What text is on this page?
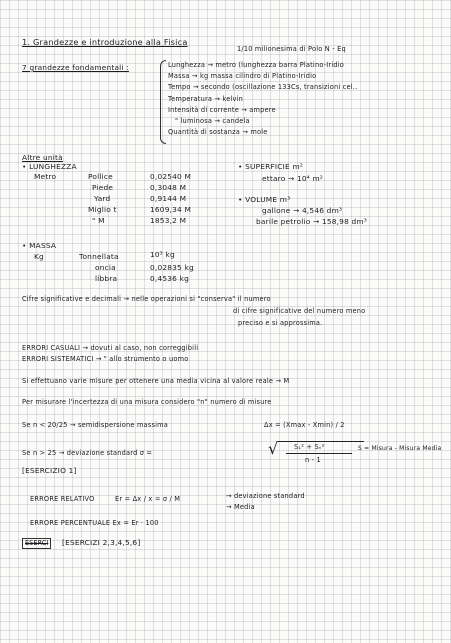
1. Grandezze e introduzione alla Fisica
1/10 milionesima di Polo N - Eq
7 grandezze fondamentali :	Lunghezza → metro (lunghezza barra Platino-Iridio
Massa → kg massa cilindro di Platino-Iridio
Tempo → secondo (oscillazione 133Cs, transizioni cel..
Temperatura → kelvin
Intensità di corrente → ampere
" luminosa → candela
Quantità di sostanza → mole
Altre unità
• LUNGHEZZA
Metro	Pollice	0,02540 M
Piede	0,3048 M
Yard	0,9144 M
Miglio t	1609,34 M
" M	1853,2 M
• SUPERFICIE m²
ettaro → 10⁴ m²
• VOLUME m³
gallone → 4,546 dm³
barile petrolio → 158,98 dm³
• MASSA
Kg	Tonnellata	10³ kg
oncia	0,02835 kg
libbra	0,4536 kg
Cifre significative e decimali → nelle operazioni si "conserva" il numero
di cifre significative del numero meno
preciso e si approssima.
ERRORI CASUALI → dovuti al caso, non correggibili
ERRORI SISTEMATICI → " allo strumento o uomo
Si effettuano varie misure per ottenere una media vicina al valore reale → M
Per misurare l'incertezza di una misura considero "n" numero di misure
Se n < 20/25 → semidispersione massima	Δx = (Xmax - Xmin) / 2
Se n > 25 → deviazione standard σ =	√ S₁² + Sₙ²
n - 1
S = Misura - Misura Media
[ESERCIZIO 1]
ERRORE RELATIVO	Er = Δx / x = σ / M	→ deviazione standard
→ Media
ERRORE PERCENTUALE Ex = Er · 100
ESERCI	[ESERCIZI 2,3,4,5,6]
